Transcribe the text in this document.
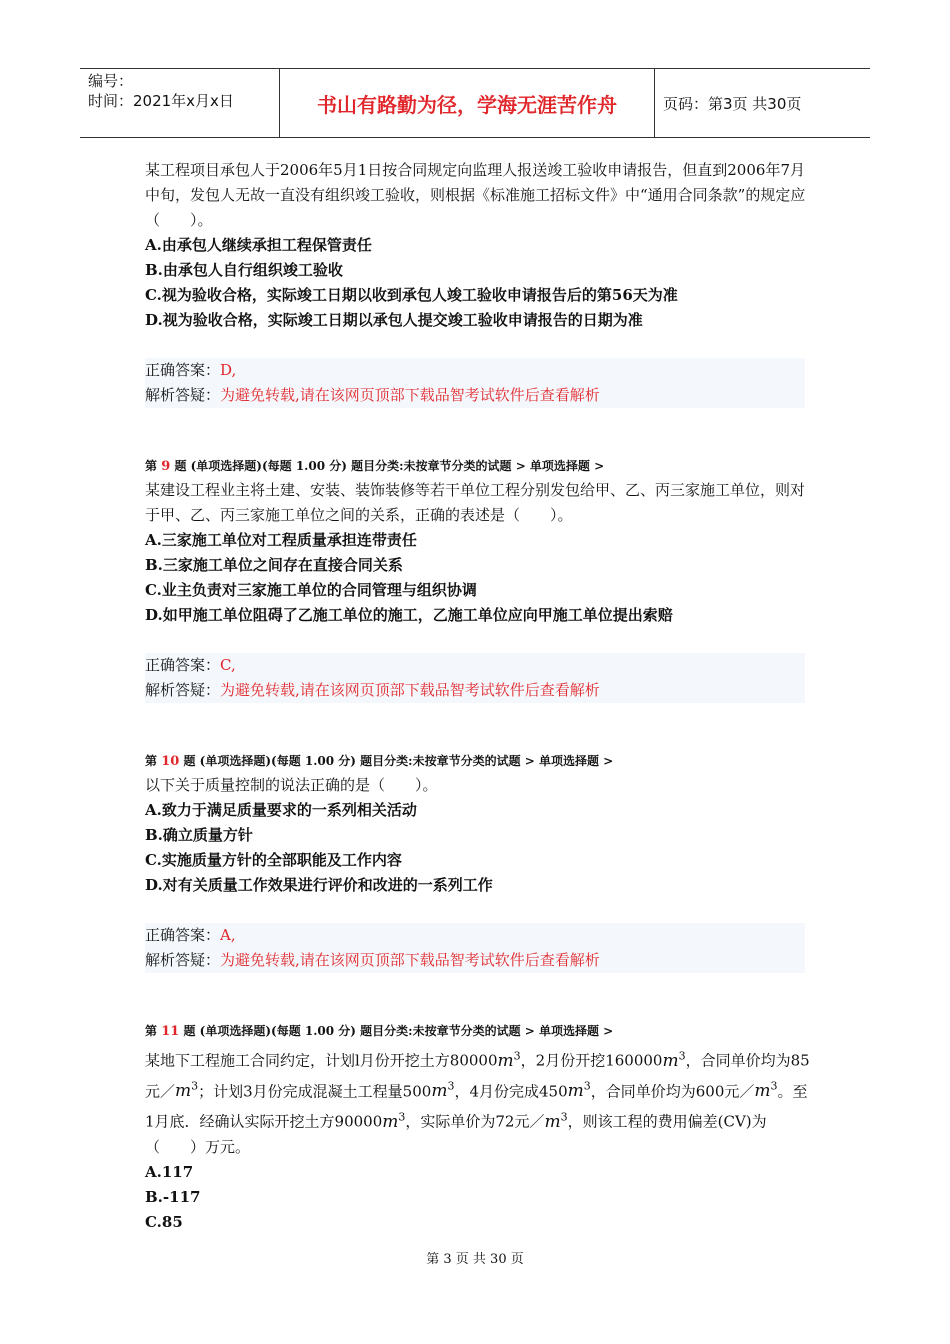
编号：
时间：2021年x月x日	书山有路勤为径，学海无涯苦作舟	页码：第3页 共30页
某工程项目承包人于2006年5月1日按合同规定向监理人报送竣工验收申请报告，但直到2006年7月中旬，发包人无故一直没有组织竣工验收，则根据《标准施工招标文件》中“通用合同条款”的规定应（　　）。
A.由承包人继续承担工程保管责任
B.由承包人自行组织竣工验收
C.视为验收合格，实际竣工日期以收到承包人竣工验收申请报告后的第56天为准
D.视为验收合格，实际竣工日期以承包人提交竣工验收申请报告的日期为准
正确答案：D,
解析答疑：为避免转载,请在该网页顶部下载品智考试软件后查看解析
第 9 题 (单项选择题)(每题 1.00 分) 题目分类:未按章节分类的试题 > 单项选择题 >
某建设工程业主将土建、安装、装饰装修等若干单位工程分别发包给甲、乙、丙三家施工单位，则对于甲、乙、丙三家施工单位之间的关系，正确的表述是（　　）。
A.三家施工单位对工程质量承担连带责任
B.三家施工单位之间存在直接合同关系
C.业主负责对三家施工单位的合同管理与组织协调
D.如甲施工单位阻碍了乙施工单位的施工，乙施工单位应向甲施工单位提出索赔
正确答案：C,
解析答疑：为避免转载,请在该网页顶部下载品智考试软件后查看解析
第 10 题 (单项选择题)(每题 1.00 分) 题目分类:未按章节分类的试题 > 单项选择题 >
以下关于质量控制的说法正确的是（　　）。
A.致力于满足质量要求的一系列相关活动
B.确立质量方针
C.实施质量方针的全部职能及工作内容
D.对有关质量工作效果进行评价和改进的一系列工作
正确答案：A,
解析答疑：为避免转载,请在该网页顶部下载品智考试软件后查看解析
第 11 题 (单项选择题)(每题 1.00 分) 题目分类:未按章节分类的试题 > 单项选择题 >
某地下工程施工合同约定，计划l月份开挖土方$80000m^3$，2月份开挖$160000m^3$，合同单价均为85元$/m^3$；计划3月份完成混凝土工程量$500m^3$，4月份完成$450m^3$，合同单价均为600元$/m^3$。至1月底．经确认实际开挖土方$90000m^3$，实际单价为72元$/m^3$，则该工程的费用偏差(CV)为（　　）万元。
A.117
B.-117
C.85
第 3 页 共 30 页
